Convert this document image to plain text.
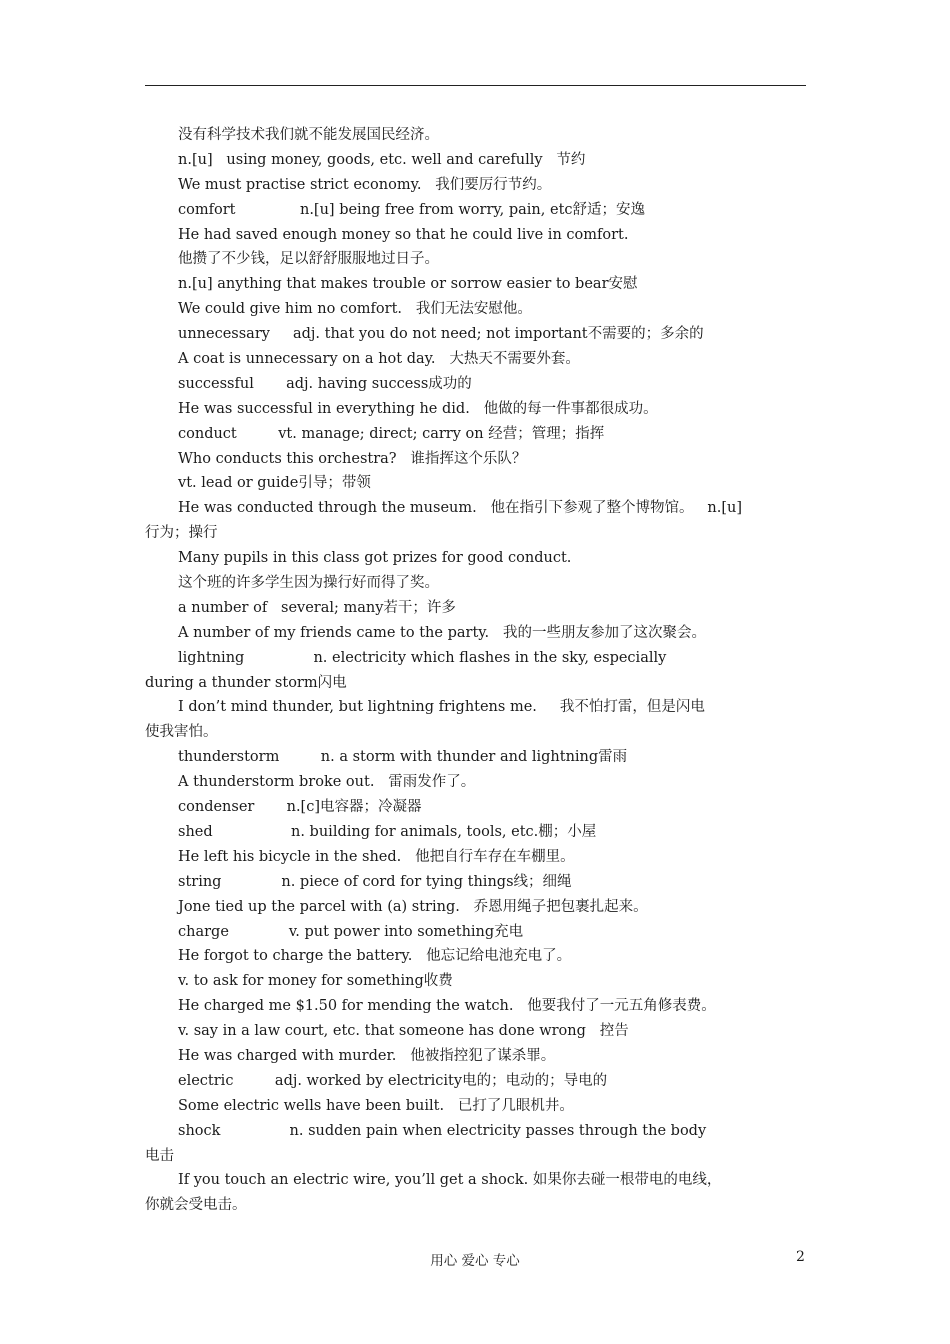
没有科学技术我们就不能发展国民经济。
n.[u]   using money, goods, etc. well and carefully   节约
We must practise strict economy.   我们要厉行节约。
comfort              n.[u] being free from worry, pain, etc舒适；安逸
He had saved enough money so that he could live in comfort.
他攒了不少钱，足以舒舒服服地过日子。
n.[u] anything that makes trouble or sorrow easier to bear安慰
We could give him no comfort.   我们无法安慰他。
unnecessary     adj. that you do not need; not important不需要的；多余的
A coat is unnecessary on a hot day.   大热天不需要外套。
successful       adj. having success成功的
He was successful in everything he did.   他做的每一件事都很成功。
conduct         vt. manage; direct; carry on 经营；管理；指挥
Who conducts this orchestra?   谁指挥这个乐队？
vt. lead or guide引导；带领
He was conducted through the museum.   他在指引下参观了整个博物馆。   n.[u]
行为；操行
Many pupils in this class got prizes for good conduct.
这个班的许多学生因为操行好而得了奖。
a number of   several; many若干；许多
A number of my friends came to the party.   我的一些朋友参加了这次聚会。
lightning               n. electricity which flashes in the sky, especially
during a thunder storm闪电
I don’t mind thunder, but lightning frightens me.     我不怕打雷，但是闪电
使我害怕。
thunderstorm         n. a storm with thunder and lightning雷雨
A thunderstorm broke out.   雷雨发作了。
condenser       n.[c]电容器；冷凝器
shed                 n. building for animals, tools, etc.棚；小屋
He left his bicycle in the shed.   他把自行车存在车棚里。
string             n. piece of cord for tying things线；细绳
Jone tied up the parcel with (a) string.   乔恩用绳子把包裹扎起来。
charge             v. put power into something充电
He forgot to charge the battery.   他忘记给电池充电了。
v. to ask for money for something收费
He charged me $1.50 for mending the watch.   他要我付了一元五角修表费。
v. say in a law court, etc. that someone has done wrong   控告
He was charged with murder.   他被指控犯了谋杀罪。
electric         adj. worked by electricity电的；电动的；导电的
Some electric wells have been built.   已打了几眼机井。
shock               n. sudden pain when electricity passes through the body
电击
If you touch an electric wire, you’ll get a shock. 如果你去碰一根带电的电线，
你就会受电击。
用心 爱心 专心	2
